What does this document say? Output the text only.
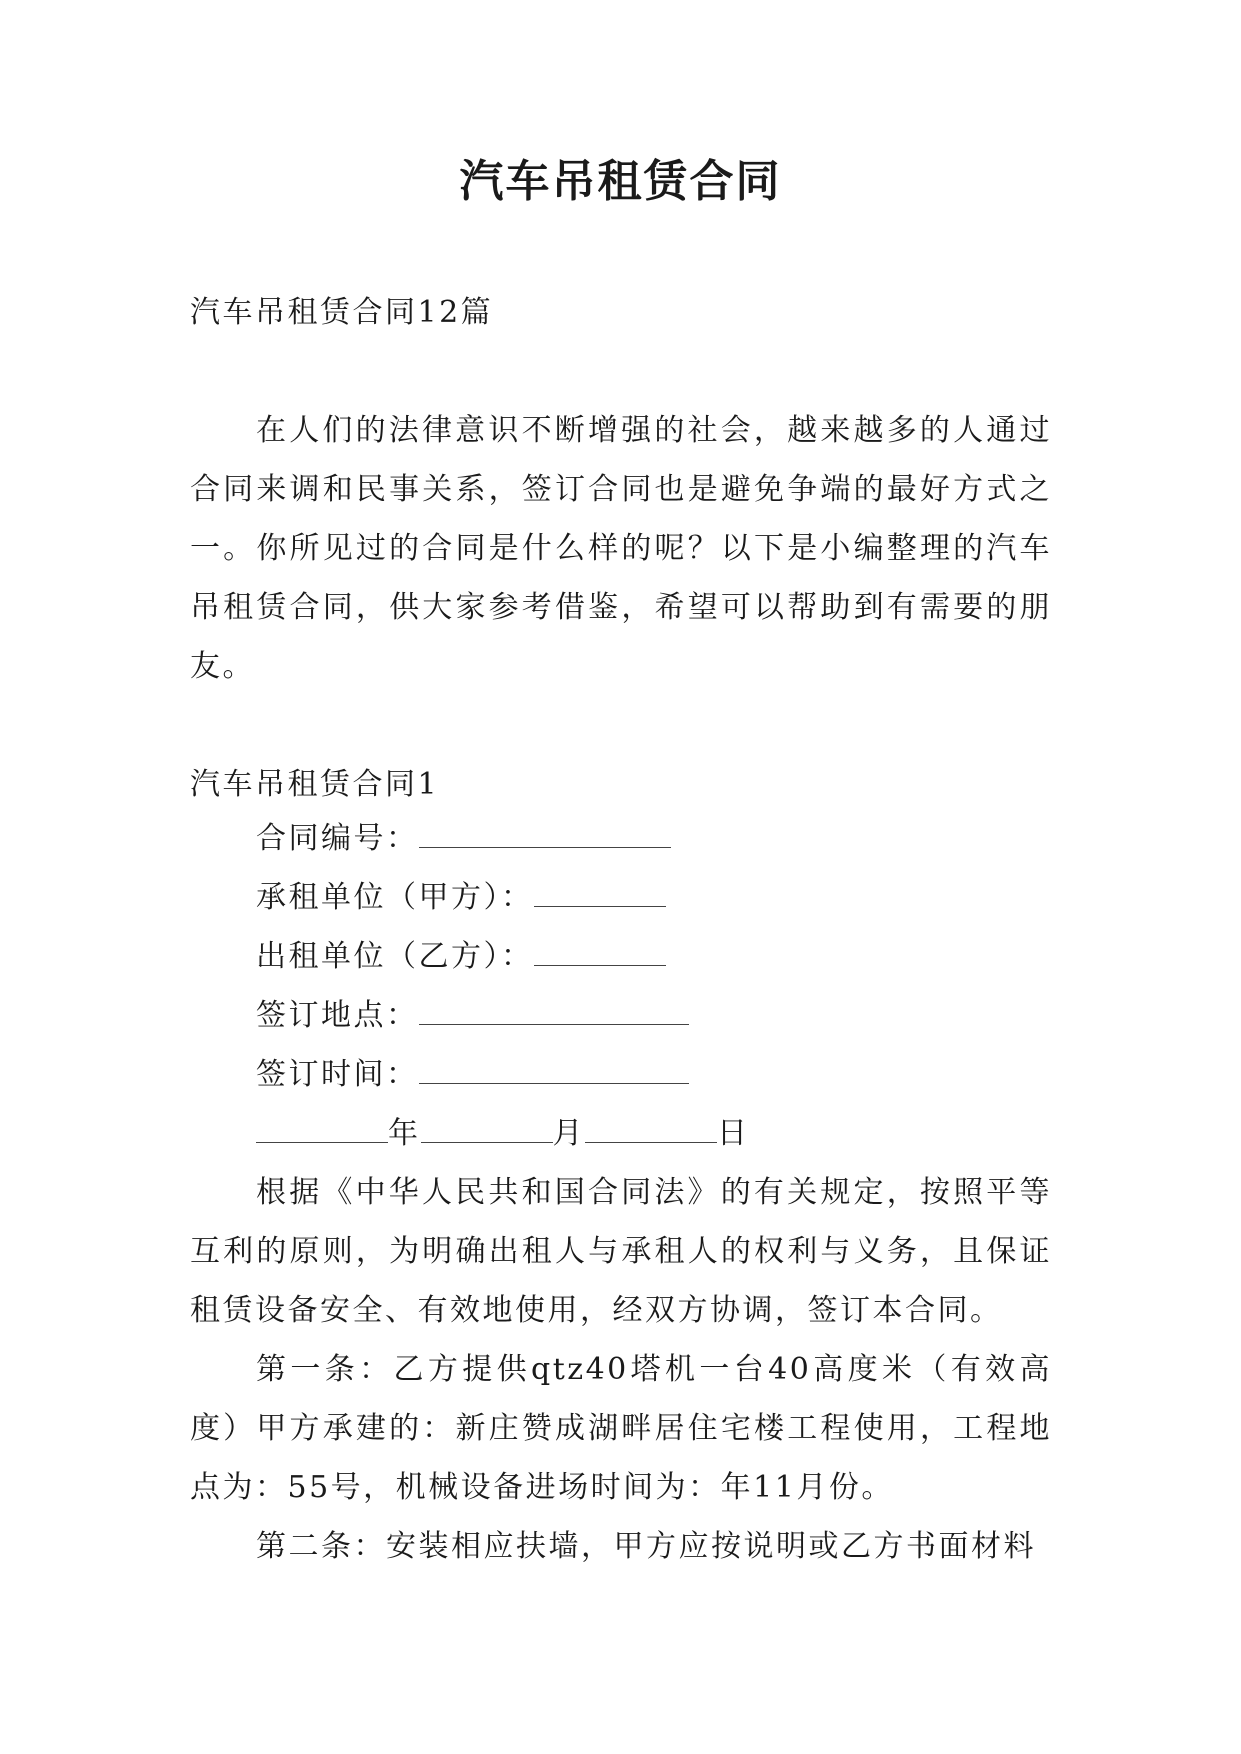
汽车吊租赁合同

汽车吊租赁合同12篇

在人们的法律意识不断增强的社会，越来越多的人通过合同来调和民事关系，签订合同也是避免争端的最好方式之一。你所见过的合同是什么样的呢？以下是小编整理的汽车吊租赁合同，供大家参考借鉴，希望可以帮助到有需要的朋友。

汽车吊租赁合同1

合同编号：

承租单位（甲方）：

出租单位（乙方）：

签订地点：

签订时间：

年	月	日

根据《中华人民共和国合同法》的有关规定，按照平等互利的原则，为明确出租人与承租人的权利与义务，且保证租赁设备安全、有效地使用，经双方协调，签订本合同。

第一条：乙方提供qtz40塔机一台40高度米（有效高度）甲方承建的：新庄赞成湖畔居住宅楼工程使用，工程地点为：55号，机械设备进场时间为：年11月份。

第二条：安装相应扶墙，甲方应按说明或乙方书面材料
